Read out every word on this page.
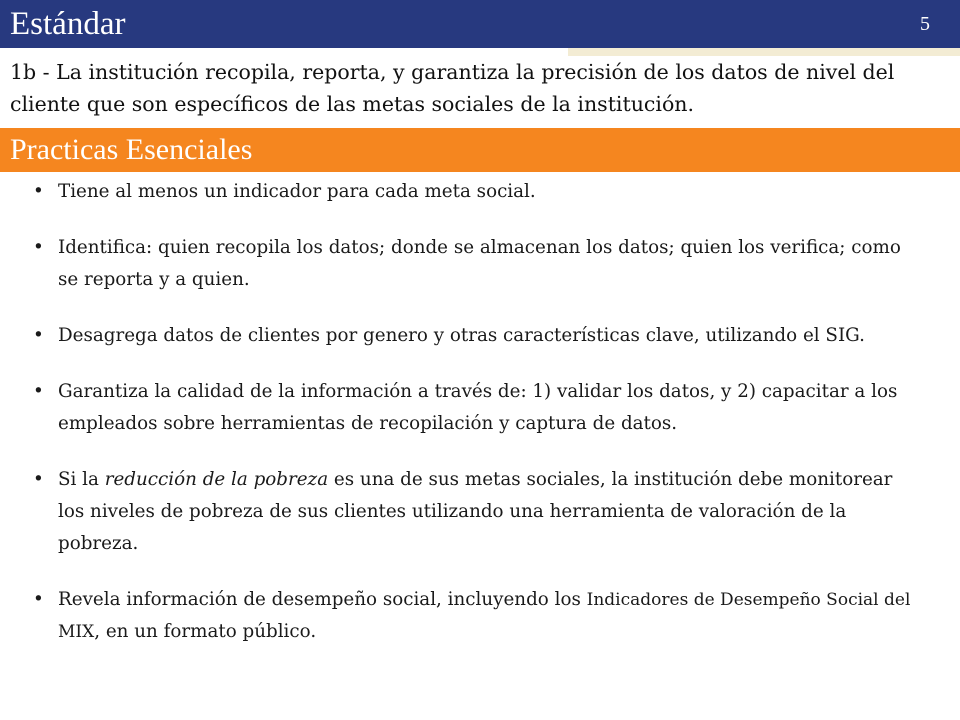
Estándar	5
1b - La institución recopila, reporta, y garantiza la precisión de los datos de nivel del cliente que son específicos de las metas sociales de la institución.
Practicas Esenciales
• Tiene al menos un indicador para cada meta social.
• Identifica: quien recopila los datos; donde se almacenan los datos; quien los verifica; como se reporta y a quien.
• Desagrega datos de clientes por genero y otras características clave, utilizando el SIG.
• Garantiza la calidad de la información a través de: 1) validar los datos, y 2) capacitar a los empleados sobre herramientas de recopilación y captura de datos.
• Si la reducción de la pobreza es una de sus metas sociales, la institución debe monitorear los niveles de pobreza de sus clientes utilizando una herramienta de valoración de la pobreza.
• Revela información de desempeño social, incluyendo los Indicadores de Desempeño Social del MIX, en un formato público.
